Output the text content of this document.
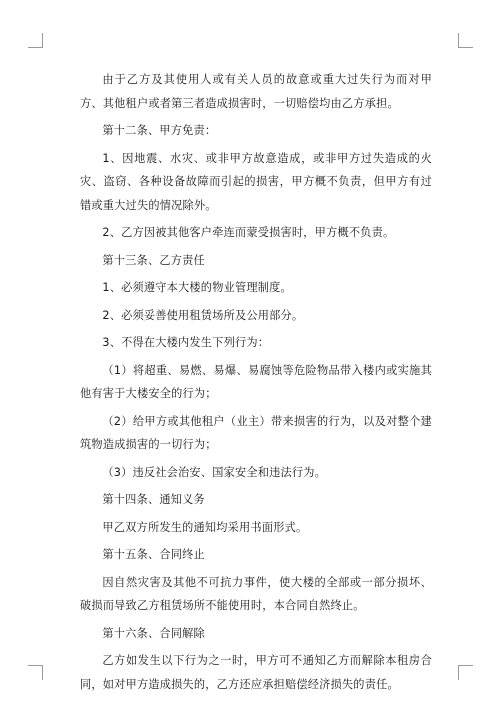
由于乙方及其使用人或有关人员的故意或重大过失行为而对甲方、其他租户或者第三者造成损害时，一切赔偿均由乙方承担。

第十二条、甲方免责：

1、因地震、水灾、或非甲方故意造成，或非甲方过失造成的火灾、盗窃、各种设备故障而引起的损害，甲方概不负责，但甲方有过错或重大过失的情况除外。

2、乙方因被其他客户牵连而蒙受损害时，甲方概不负责。

第十三条、乙方责任

1、必须遵守本大楼的物业管理制度。

2、必须妥善使用租赁场所及公用部分。

3、不得在大楼内发生下列行为：

（1）将超重、易燃、易爆、易腐蚀等危险物品带入楼内或实施其他有害于大楼安全的行为；

（2）给甲方或其他租户（业主）带来损害的行为，以及对整个建筑物造成损害的一切行为；

（3）违反社会治安、国家安全和违法行为。

第十四条、通知义务

甲乙双方所发生的通知均采用书面形式。

第十五条、合同终止

因自然灾害及其他不可抗力事件，使大楼的全部或一部分损坏、破损而导致乙方租赁场所不能使用时，本合同自然终止。

第十六条、合同解除

乙方如发生以下行为之一时，甲方可不通知乙方而解除本租房合同，如对甲方造成损失的，乙方还应承担赔偿经济损失的责任。
